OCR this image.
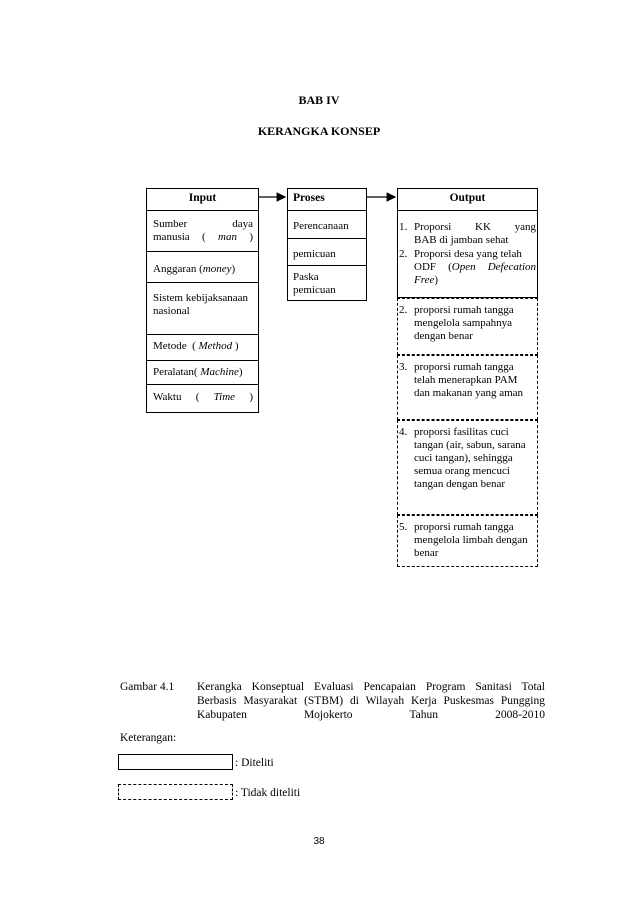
BAB IV
KERANGKA KONSEP
Input
Sumber	daya
manusia ( man )
Anggaran (money)
Sistem kebijaksanaan nasional
Metode  ( Method )
Peralatan( Machine)
Waktu ( Time )
Proses
Perencanaan
pemicuan
Paska pemicuan
Output
1. Proporsi KK yang
BAB di jamban sehat
2. Proporsi desa yang telah
ODF (Open Defecation
Free)
2. proporsi rumah tangga mengelola sampahnya dengan benar
3. proporsi rumah tangga telah menerapkan PAM dan makanan yang aman
4. proporsi fasilitas cuci tangan (air, sabun, sarana cuci tangan), sehingga semua orang mencuci tangan dengan benar
5. proporsi rumah tangga mengelola limbah dengan benar
Gambar 4.1 Kerangka Konseptual Evaluasi Pencapaian Program Sanitasi Total Berbasis Masyarakat (STBM) di Wilayah Kerja Puskesmas Pungging Kabupaten Mojokerto Tahun 2008-2010
Keterangan:
: Diteliti
: Tidak diteliti
38
